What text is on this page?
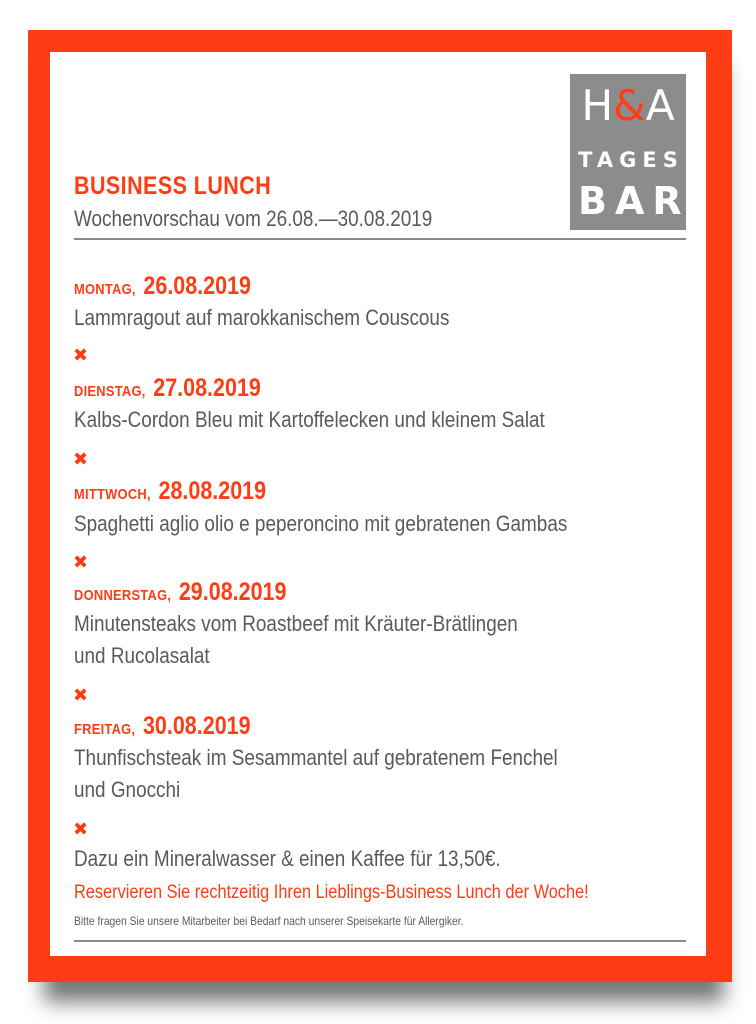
H&A
TAGES
BAR
BUSINESS LUNCH
Wochenvorschau vom 26.08.—30.08.2019
MONTAG, 26.08.2019
Lammragout auf marokkanischem Couscous
✖
DIENSTAG, 27.08.2019
Kalbs-Cordon Bleu mit Kartoffelecken und kleinem Salat
✖
MITTWOCH, 28.08.2019
Spaghetti aglio olio e peperoncino mit gebratenen Gambas
✖
DONNERSTAG, 29.08.2019
Minutensteaks vom Roastbeef mit Kräuter-Brätlingen
und Rucolasalat
✖
FREITAG, 30.08.2019
Thunfischsteak im Sesammantel auf gebratenem Fenchel
und Gnocchi
✖
Dazu ein Mineralwasser & einen Kaffee für 13,50€.
Reservieren Sie rechtzeitig Ihren Lieblings-Business Lunch der Woche!
Bitte fragen Sie unsere Mitarbeiter bei Bedarf nach unserer Speisekarte für Allergiker.
